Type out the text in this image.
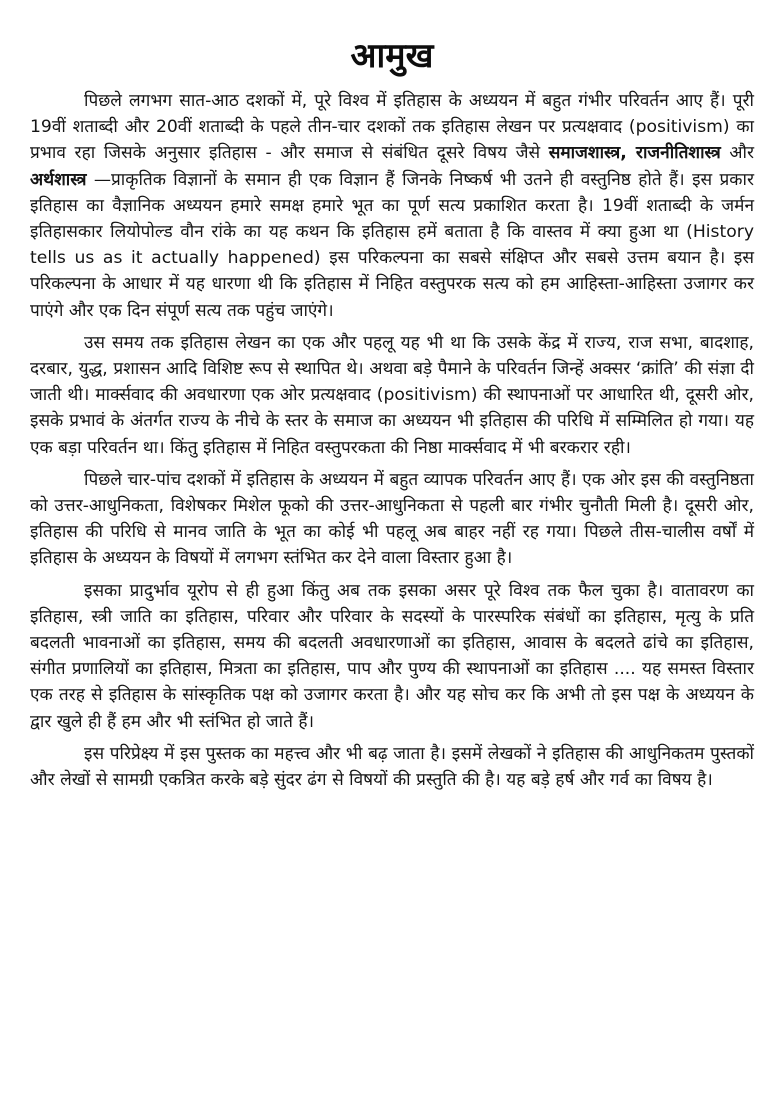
आमुख

पिछले लगभग सात-आठ दशकों में, पूरे विश्व में इतिहास के अध्ययन में बहुत गंभीर परिवर्तन आए हैं। पूरी 19वीं शताब्दी और 20वीं शताब्दी के पहले तीन-चार दशकों तक इतिहास लेखन पर प्रत्यक्षवाद (positivism) का प्रभाव रहा जिसके अनुसार इतिहास - और समाज से संबंधित दूसरे विषय जैसे समाजशास्त्र, राजनीतिशास्त्र और अर्थशास्त्र —प्राकृतिक विज्ञानों के समान ही एक विज्ञान हैं जिनके निष्कर्ष भी उतने ही वस्तुनिष्ठ होते हैं। इस प्रकार इतिहास का वैज्ञानिक अध्ययन हमारे समक्ष हमारे भूत का पूर्ण सत्य प्रकाशित करता है। 19वीं शताब्दी के जर्मन इतिहासकार लियोपोल्ड वौन रांके का यह कथन कि इतिहास हमें बताता है कि वास्तव में क्या हुआ था (History tells us as it actually happened) इस परिकल्पना का सबसे संक्षिप्त और सबसे उत्तम बयान है। इस परिकल्पना के आधार में यह धारणा थी कि इतिहास में निहित वस्तुपरक सत्य को हम आहिस्ता-आहिस्ता उजागर कर पाएंगे और एक दिन संपूर्ण सत्य तक पहुंच जाएंगे।

उस समय तक इतिहास लेखन का एक और पहलू यह भी था कि उसके केंद्र में राज्य, राज सभा, बादशाह, दरबार, युद्ध, प्रशासन आदि विशिष्ट रूप से स्थापित थे। अथवा बड़े पैमाने के परिवर्तन जिन्हें अक्सर ‘क्रांति’ की संज्ञा दी जाती थी। मार्क्सवाद की अवधारणा एक ओर प्रत्यक्षवाद (positivism) की स्थापनाओं पर आधारित थी, दूसरी ओर, इसके प्रभावं के अंतर्गत राज्य के नीचे के स्तर के समाज का अध्ययन भी इतिहास की परिधि में सम्मिलित हो गया। यह एक बड़ा परिवर्तन था। किंतु इतिहास में निहित वस्तुपरकता की निष्ठा मार्क्सवाद में भी बरकरार रही।

पिछले चार-पांच दशकों में इतिहास के अध्ययन में बहुत व्यापक परिवर्तन आए हैं। एक ओर इस की वस्तुनिष्ठता को उत्तर-आधुनिकता, विशेषकर मिशेल फूको की उत्तर-आधुनिकता से पहली बार गंभीर चुनौती मिली है। दूसरी ओर, इतिहास की परिधि से मानव जाति के भूत का कोई भी पहलू अब बाहर नहीं रह गया। पिछले तीस-चालीस वर्षों में इतिहास के अध्ययन के विषयों में लगभग स्तंभित कर देने वाला विस्तार हुआ है।

इसका प्रादुर्भाव यूरोप से ही हुआ किंतु अब तक इसका असर पूरे विश्व तक फैल चुका है। वातावरण का इतिहास, स्त्री जाति का इतिहास, परिवार और परिवार के सदस्यों के पारस्परिक संबंधों का इतिहास, मृत्यु के प्रति बदलती भावनाओं का इतिहास, समय की बदलती अवधारणाओं का इतिहास, आवास के बदलते ढांचे का इतिहास, संगीत प्रणालियों का इतिहास, मित्रता का इतिहास, पाप और पुण्य की स्थापनाओं का इतिहास .... यह समस्त विस्तार एक तरह से इतिहास के सांस्कृतिक पक्ष को उजागर करता है। और यह सोच कर कि अभी तो इस पक्ष के अध्ययन के द्वार खुले ही हैं हम और भी स्तंभित हो जाते हैं।

इस परिप्रेक्ष्य में इस पुस्तक का महत्त्व और भी बढ़ जाता है। इसमें लेखकों ने इतिहास की आधुनिकतम पुस्तकों और लेखों से सामग्री एकत्रित करके बड़े सुंदर ढंग से विषयों की प्रस्तुति की है। यह बड़े हर्ष और गर्व का विषय है।
